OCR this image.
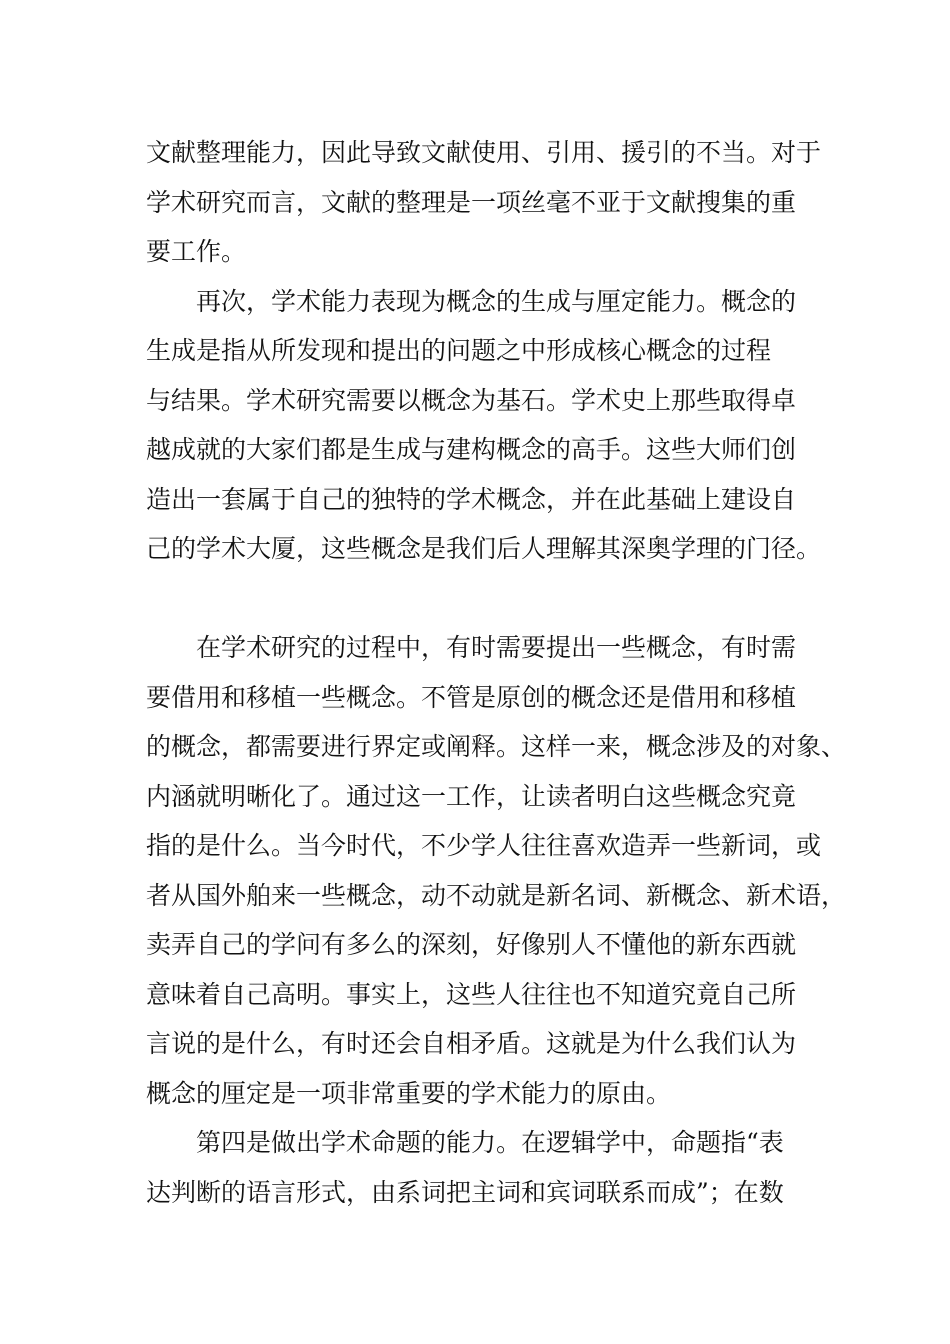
文献整理能力，因此导致文献使用、引用、援引的不当。对于
学术研究而言，文献的整理是一项丝毫不亚于文献搜集的重
要工作。
再次，学术能力表现为概念的生成与厘定能力。概念的
生成是指从所发现和提出的问题之中形成核心概念的过程
与结果。学术研究需要以概念为基石。学术史上那些取得卓
越成就的大家们都是生成与建构概念的高手。这些大师们创
造出一套属于自己的独特的学术概念，并在此基础上建设自
己的学术大厦，这些概念是我们后人理解其深奥学理的门径。
在学术研究的过程中，有时需要提出一些概念，有时需
要借用和移植一些概念。不管是原创的概念还是借用和移植
的概念，都需要进行界定或阐释。这样一来，概念涉及的对象、
内涵就明晰化了。通过这一工作，让读者明白这些概念究竟
指的是什么。当今时代，不少学人往往喜欢造弄一些新词，或
者从国外舶来一些概念，动不动就是新名词、新概念、新术语，
卖弄自己的学问有多么的深刻，好像别人不懂他的新东西就
意味着自己高明。事实上，这些人往往也不知道究竟自己所
言说的是什么，有时还会自相矛盾。这就是为什么我们认为
概念的厘定是一项非常重要的学术能力的原由。
第四是做出学术命题的能力。在逻辑学中，命题指“表
达判断的语言形式，由系词把主词和宾词联系而成”；在数
